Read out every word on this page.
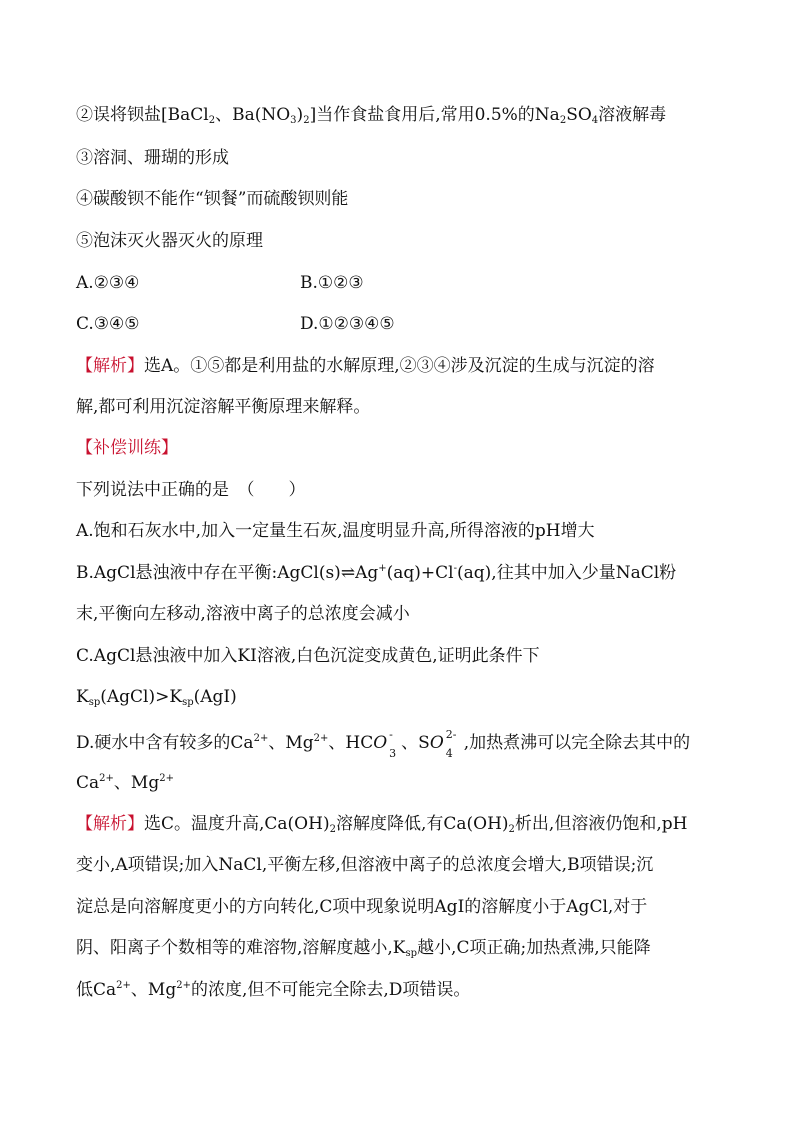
②误将钡盐[BaCl$_2$、$Ba(NO_3)_2$]当作食盐食用后,常用0.5%的$Na_2SO_4$溶液解毒
③溶洞、珊瑚的形成
④碳酸钡不能作“钡餐”而硫酸钡则能
⑤泡沫灭火器灭火的原理
A.②③④	B.①②③
C.③④⑤	D.①②③④⑤
【解析】选A。①⑤都是利用盐的水解原理,②③④涉及沉淀的生成与沉淀的溶
解,都可利用沉淀溶解平衡原理来解释。
【补偿训练】
下列说法中正确的是　（　　）
A.饱和石灰水中,加入一定量生石灰,温度明显升高,所得溶液的pH增大
B.AgCl悬浊液中存在平衡:AgCl(s)⇌Ag+(aq)+Cl-(aq),往其中加入少量NaCl粉
末,平衡向左移动,溶液中离子的总浓度会减小
C.AgCl悬浊液中加入KI溶液,白色沉淀变成黄色,证明此条件下
$K_{sp}(AgCl)>K_{sp}(AgI)$
D.硬水中含有较多的$Ca^{2+}$、$Mg^{2+}$、HCO -
3 、SO 2-
4 ,加热煮沸可以完全除去其中的
$Ca^{2+}$、$Mg^{2+}$
【解析】选C。温度升高$,Ca(OH)_2$溶解度降低,有$Ca(OH)_2$析出,但溶液仍饱和,pH
变小,A项错误;加入NaCl,平衡左移,但溶液中离子的总浓度会增大,B项错误;沉
淀总是向溶解度更小的方向转化,C项中现象说明AgI的溶解度小于AgCl,对于
阴、阳离子个数相等的难溶物,溶解度越小$,K_{sp}$越小,C项正确;加热煮沸,只能降
低$Ca^{2+}$、$Mg^{2+}$的浓度,但不可能完全除去,D项错误。
